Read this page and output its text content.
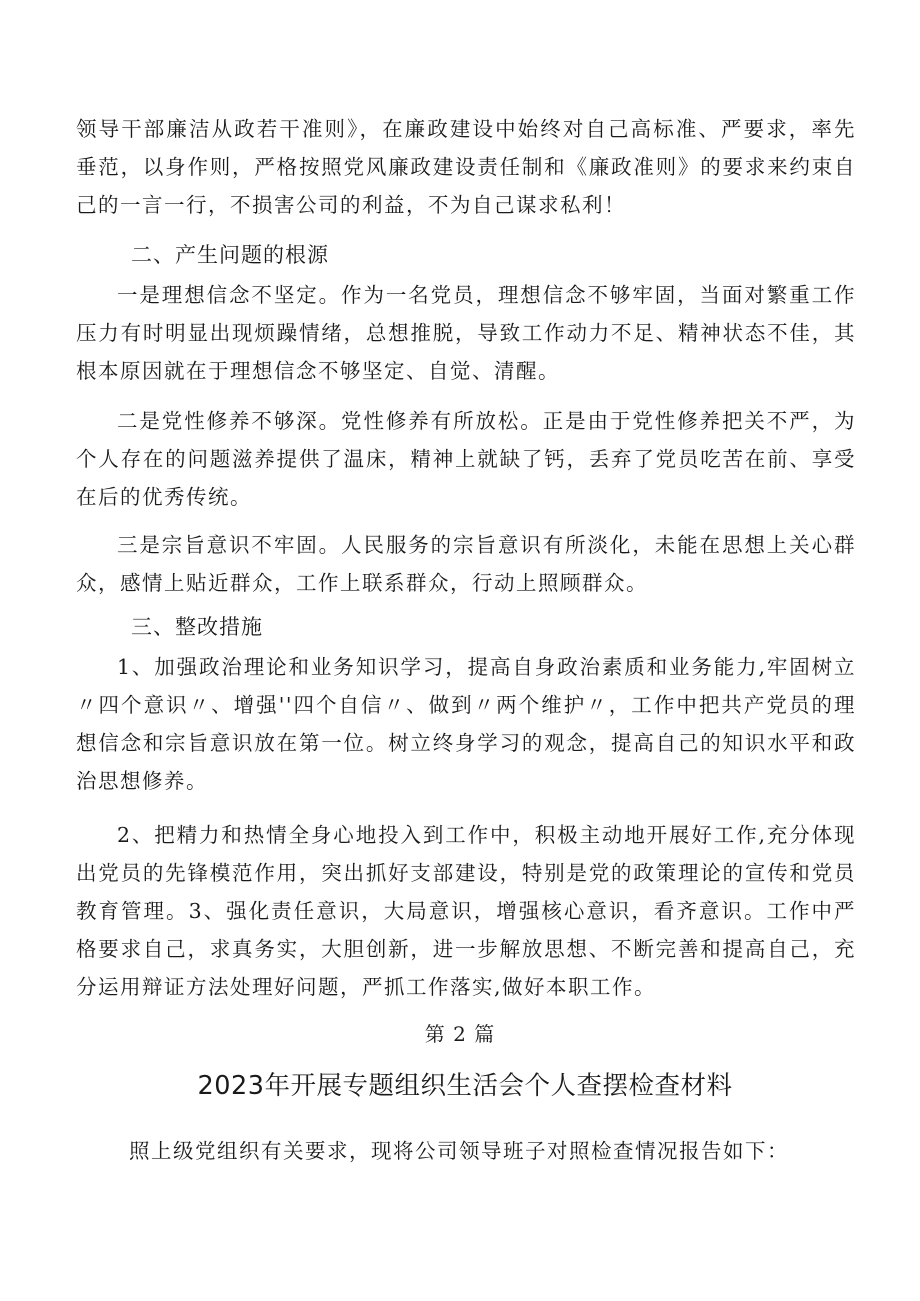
领导干部廉洁从政若干准则》，在廉政建设中始终对自己高标准、严要求，率先垂范，以身作则，严格按照党风廉政建设责任制和《廉政准则》的要求来约束自己的一言一行，不损害公司的利益，不为自己谋求私利！

二、产生问题的根源

一是理想信念不坚定。作为一名党员，理想信念不够牢固，当面对繁重工作压力有时明显出现烦躁情绪，总想推脱，导致工作动力不足、精神状态不佳，其根本原因就在于理想信念不够坚定、自觉、清醒。

二是党性修养不够深。党性修养有所放松。正是由于党性修养把关不严，为个人存在的问题滋养提供了温床，精神上就缺了钙，丢弃了党员吃苦在前、享受在后的优秀传统。

三是宗旨意识不牢固。人民服务的宗旨意识有所淡化，未能在思想上关心群众，感情上贴近群众，工作上联系群众，行动上照顾群众。

三、整改措施

1、加强政治理论和业务知识学习，提高自身政治素质和业务能力,牢固树立〃四个意识〃、增强''四个自信〃、做到〃两个维护〃，工作中把共产党员的理想信念和宗旨意识放在第一位。树立终身学习的观念，提高自己的知识水平和政治思想修养。

2、把精力和热情全身心地投入到工作中，积极主动地开展好工作,充分体现出党员的先锋模范作用，突出抓好支部建设，特别是党的政策理论的宣传和党员教育管理。3、强化责任意识，大局意识，增强核心意识，看齐意识。工作中严格要求自己，求真务实，大胆创新，进一步解放思想、不断完善和提高自己，充分运用辩证方法处理好问题，严抓工作落实,做好本职工作。

第 2 篇
2023年开展专题组织生活会个人查摆检查材料

照上级党组织有关要求，现将公司领导班子对照检查情况报告如下：
